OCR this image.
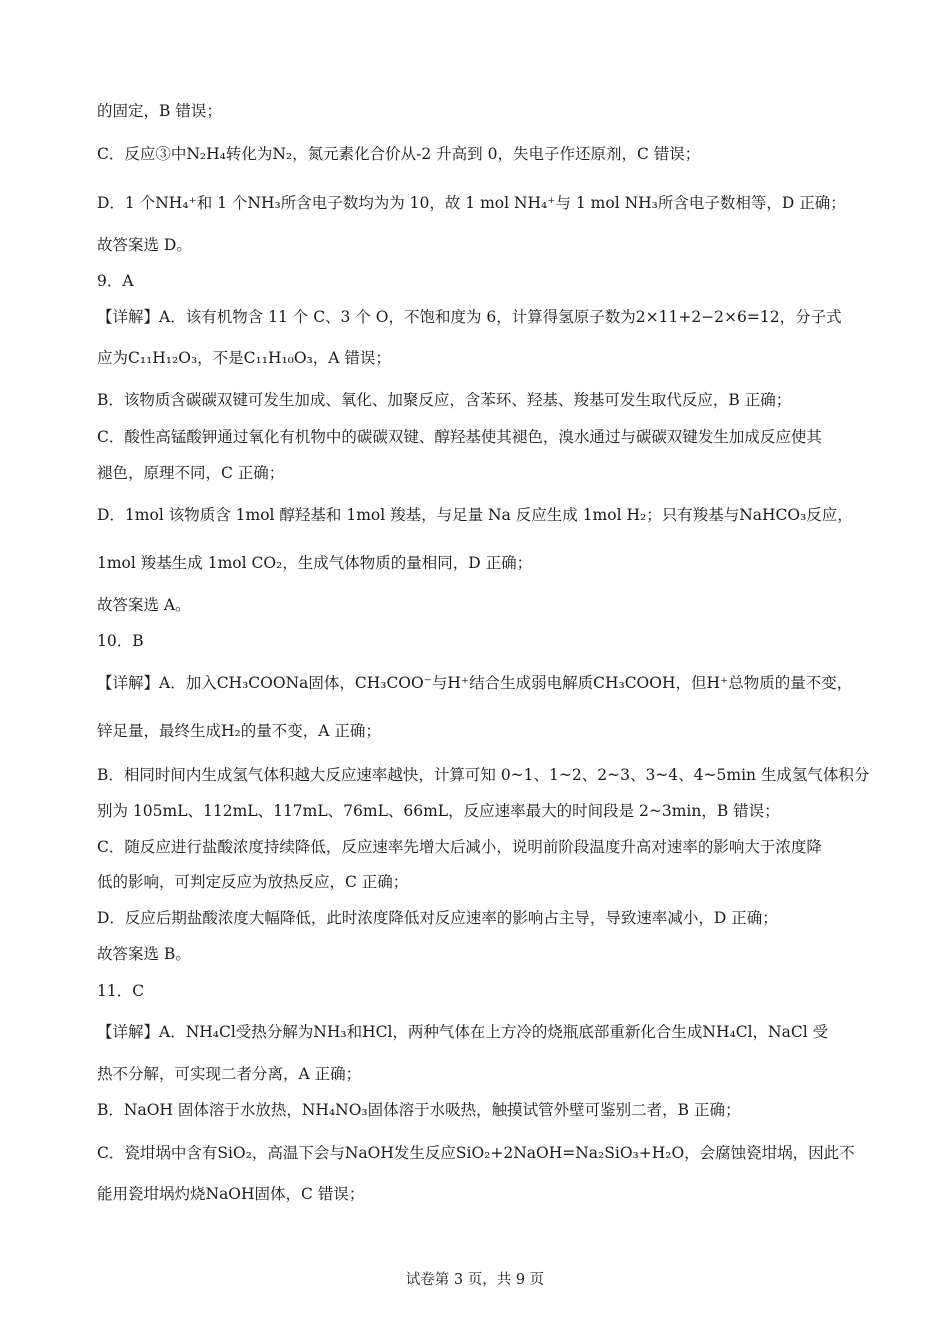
的固定，B 错误；
C．反应③中N₂H₄转化为N₂，氮元素化合价从-2 升高到 0，失电子作还原剂，C 错误；
D．1 个NH₄⁺和 1 个NH₃所含电子数均为为 10，故 1 mol NH₄⁺与 1 mol NH₃所含电子数相等，D 正确；
故答案选 D。
9．A
【详解】A．该有机物含 11 个 C、3 个 O，不饱和度为 6，计算得氢原子数为2×11+2−2×6=12，分子式
应为C₁₁H₁₂O₃，不是C₁₁H₁₀O₃，A 错误；
B．该物质含碳碳双键可发生加成、氧化、加聚反应，含苯环、羟基、羧基可发生取代反应，B 正确；
C．酸性高锰酸钾通过氧化有机物中的碳碳双键、醇羟基使其褪色，溴水通过与碳碳双键发生加成反应使其
褪色，原理不同，C 正确；
D．1mol 该物质含 1mol 醇羟基和 1mol 羧基，与足量 Na 反应生成 1mol H₂；只有羧基与NaHCO₃反应，
1mol 羧基生成 1mol CO₂，生成气体物质的量相同，D 正确；
故答案选 A。
10．B
【详解】A．加入CH₃COONa固体，CH₃COO⁻与H⁺结合生成弱电解质CH₃COOH，但H⁺总物质的量不变，
锌足量，最终生成H₂的量不变，A 正确；
B．相同时间内生成氢气体积越大反应速率越快，计算可知 0~1、1~2、2~3、3~4、4~5min 生成氢气体积分
别为 105mL、112mL、117mL、76mL、66mL，反应速率最大的时间段是 2~3min，B 错误；
C．随反应进行盐酸浓度持续降低，反应速率先增大后减小，说明前阶段温度升高对速率的影响大于浓度降
低的影响，可判定反应为放热反应，C 正确；
D．反应后期盐酸浓度大幅降低，此时浓度降低对反应速率的影响占主导，导致速率减小，D 正确；
故答案选 B。
11．C
【详解】A．NH₄Cl受热分解为NH₃和HCl，两种气体在上方冷的烧瓶底部重新化合生成NH₄Cl，NaCl 受
热不分解，可实现二者分离，A 正确；
B．NaOH 固体溶于水放热，NH₄NO₃固体溶于水吸热，触摸试管外壁可鉴别二者，B 正确；
C．瓷坩埚中含有SiO₂，高温下会与NaOH发生反应SiO₂+2NaOH=Na₂SiO₃+H₂O，会腐蚀瓷坩埚，因此不
能用瓷坩埚灼烧NaOH固体，C 错误；
试卷第 3 页，共 9 页
